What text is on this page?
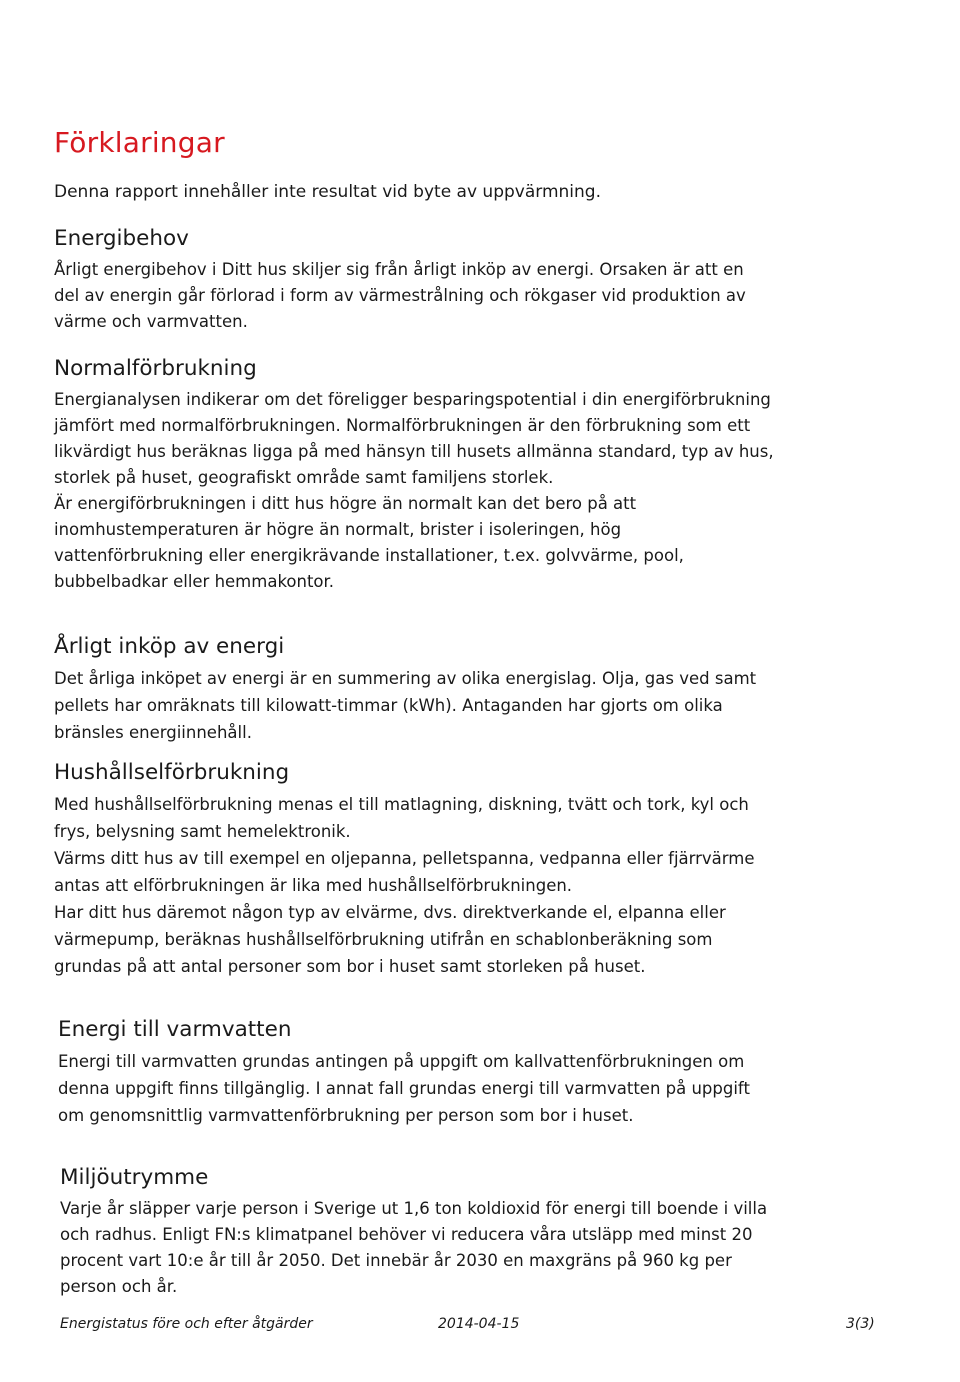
Förklaringar

Denna rapport innehåller inte resultat vid byte av uppvärmning.

Energibehov

Årligt energibehov i Ditt hus skiljer sig från årligt inköp av energi. Orsaken är att en del av energin går förlorad i form av värmestrålning och rökgaser vid produktion av värme och varmvatten.

Normalförbrukning

Energianalysen indikerar om det föreligger besparingspotential i din energiförbrukning jämfört med normalförbrukningen. Normalförbrukningen är den förbrukning som ett likvärdigt hus beräknas ligga på med hänsyn till husets allmänna standard, typ av hus, storlek på huset, geografiskt område samt familjens storlek.

Är energiförbrukningen i ditt hus högre än normalt kan det bero på att inomhustemperaturen är högre än normalt, brister i isoleringen, hög vattenförbrukning eller energikrävande installationer, t.ex. golvvärme, pool, bubbelbadkar eller hemmakontor.

Årligt inköp av energi

Det årliga inköpet av energi är en summering av olika energislag. Olja, gas ved samt pellets har omräknats till kilowatt-timmar (kWh). Antaganden har gjorts om olika bränsles energiinnehåll.

Hushållselförbrukning

Med hushållselförbrukning menas el till matlagning, diskning, tvätt och tork, kyl och frys, belysning samt hemelektronik.

Värms ditt hus av till exempel en oljepanna, pelletspanna, vedpanna eller fjärrvärme antas att elförbrukningen är lika med hushållselförbrukningen.

Har ditt hus däremot någon typ av elvärme, dvs. direktverkande el, elpanna eller värmepump, beräknas hushållselförbrukning utifrån en schablonberäkning som grundas på att antal personer som bor i huset samt storleken på huset.

Energi till varmvatten

Energi till varmvatten grundas antingen på uppgift om kallvattenförbrukningen om denna uppgift finns tillgänglig. I annat fall grundas energi till varmvatten på uppgift om genomsnittlig varmvattenförbrukning per person som bor i huset.

Miljöutrymme

Varje år släpper varje person i Sverige ut 1,6 ton koldioxid för energi till boende i villa och radhus. Enligt FN:s klimatpanel behöver vi reducera våra utsläpp med minst 20 procent vart 10:e år till år 2050. Det innebär år 2030 en maxgräns på 960 kg per person och år.

Energistatus före och efter åtgärder	2014-04-15	3(3)
